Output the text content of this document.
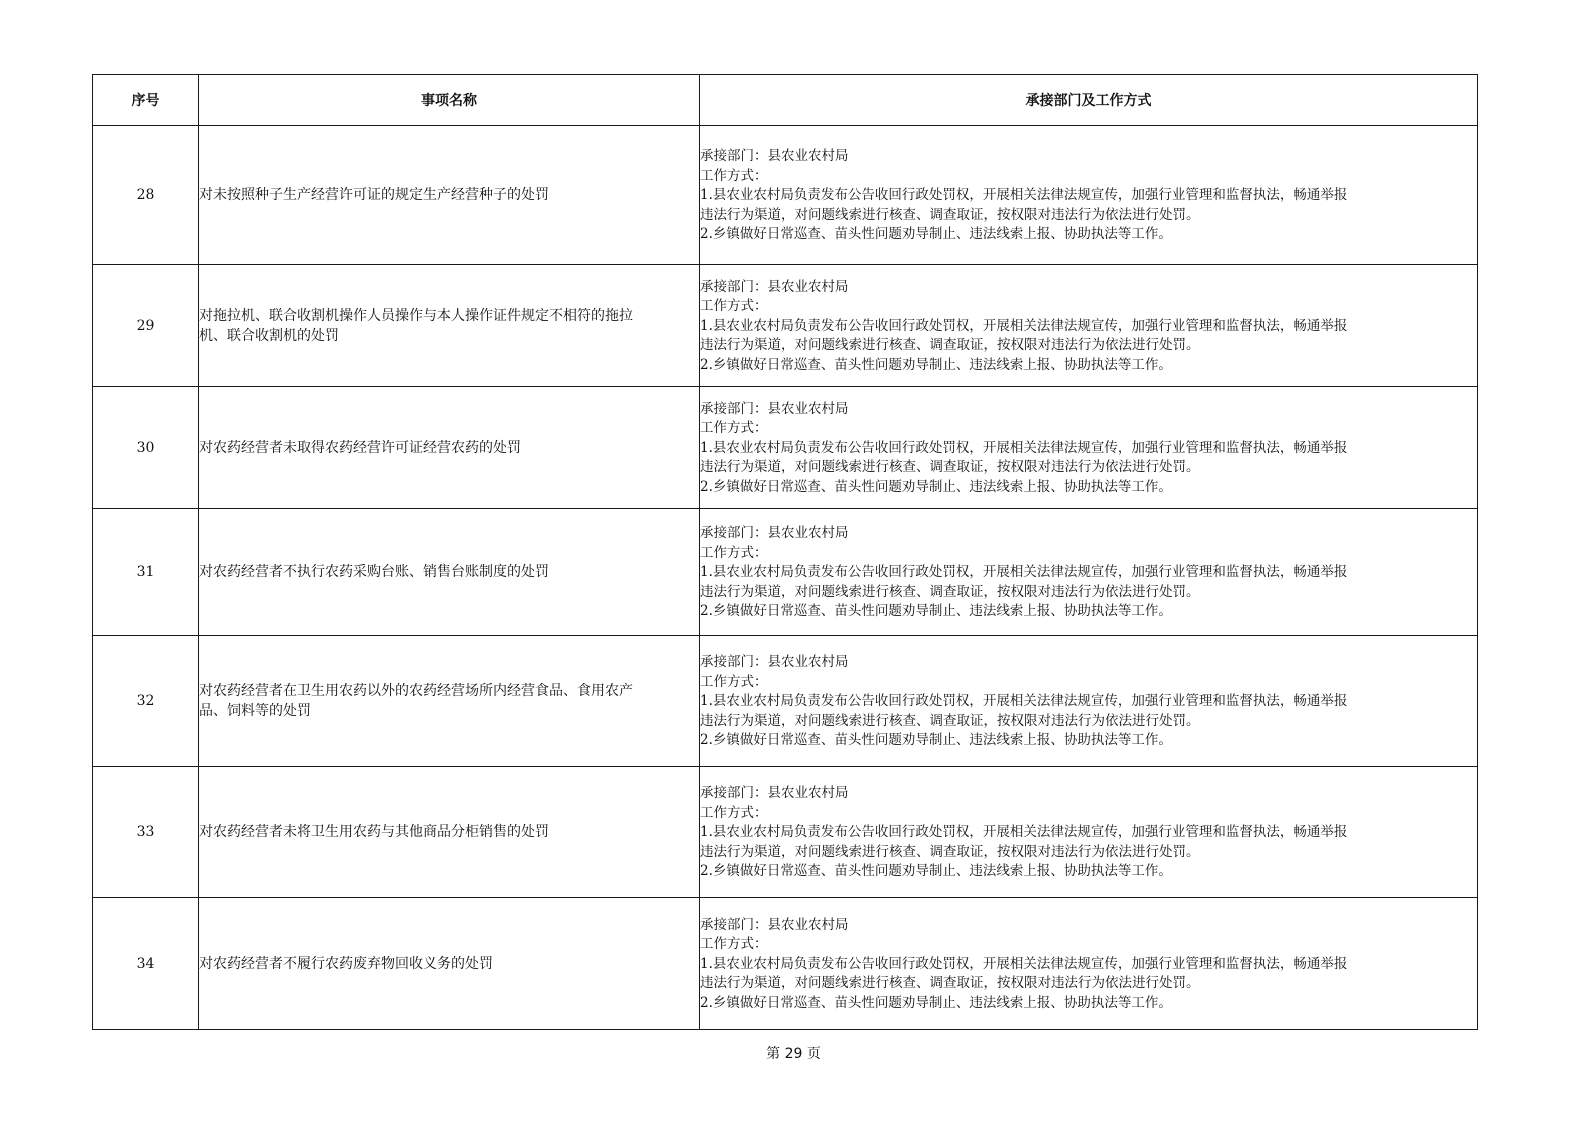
序号	事项名称	承接部门及工作方式
28	对未按照种子生产经营许可证的规定生产经营种子的处罚	承接部门：县农业农村局
工作方式：
1.县农业农村局负责发布公告收回行政处罚权，开展相关法律法规宣传，加强行业管理和监督执法，畅通举报
违法行为渠道，对问题线索进行核查、调查取证，按权限对违法行为依法进行处罚。
2.乡镇做好日常巡查、苗头性问题劝导制止、违法线索上报、协助执法等工作。

29	对拖拉机、联合收割机操作人员操作与本人操作证件规定不相符的拖拉
机、联合收割机的处罚	承接部门：县农业农村局
工作方式：
1.县农业农村局负责发布公告收回行政处罚权，开展相关法律法规宣传，加强行业管理和监督执法，畅通举报
违法行为渠道，对问题线索进行核查、调查取证，按权限对违法行为依法进行处罚。
2.乡镇做好日常巡查、苗头性问题劝导制止、违法线索上报、协助执法等工作。

30	对农药经营者未取得农药经营许可证经营农药的处罚	承接部门：县农业农村局
工作方式：
1.县农业农村局负责发布公告收回行政处罚权，开展相关法律法规宣传，加强行业管理和监督执法，畅通举报
违法行为渠道，对问题线索进行核查、调查取证，按权限对违法行为依法进行处罚。
2.乡镇做好日常巡查、苗头性问题劝导制止、违法线索上报、协助执法等工作。

31	对农药经营者不执行农药采购台账、销售台账制度的处罚	承接部门：县农业农村局
工作方式：
1.县农业农村局负责发布公告收回行政处罚权，开展相关法律法规宣传，加强行业管理和监督执法，畅通举报
违法行为渠道，对问题线索进行核查、调查取证，按权限对违法行为依法进行处罚。
2.乡镇做好日常巡查、苗头性问题劝导制止、违法线索上报、协助执法等工作。

32	对农药经营者在卫生用农药以外的农药经营场所内经营食品、食用农产
品、饲料等的处罚	承接部门：县农业农村局
工作方式：
1.县农业农村局负责发布公告收回行政处罚权，开展相关法律法规宣传，加强行业管理和监督执法，畅通举报
违法行为渠道，对问题线索进行核查、调查取证，按权限对违法行为依法进行处罚。
2.乡镇做好日常巡查、苗头性问题劝导制止、违法线索上报、协助执法等工作。

33	对农药经营者未将卫生用农药与其他商品分柜销售的处罚	承接部门：县农业农村局
工作方式：
1.县农业农村局负责发布公告收回行政处罚权，开展相关法律法规宣传，加强行业管理和监督执法，畅通举报
违法行为渠道，对问题线索进行核查、调查取证，按权限对违法行为依法进行处罚。
2.乡镇做好日常巡查、苗头性问题劝导制止、违法线索上报、协助执法等工作。

34	对农药经营者不履行农药废弃物回收义务的处罚	承接部门：县农业农村局
工作方式：
1.县农业农村局负责发布公告收回行政处罚权，开展相关法律法规宣传，加强行业管理和监督执法，畅通举报
违法行为渠道，对问题线索进行核查、调查取证，按权限对违法行为依法进行处罚。
2.乡镇做好日常巡查、苗头性问题劝导制止、违法线索上报、协助执法等工作。
第 29 页
